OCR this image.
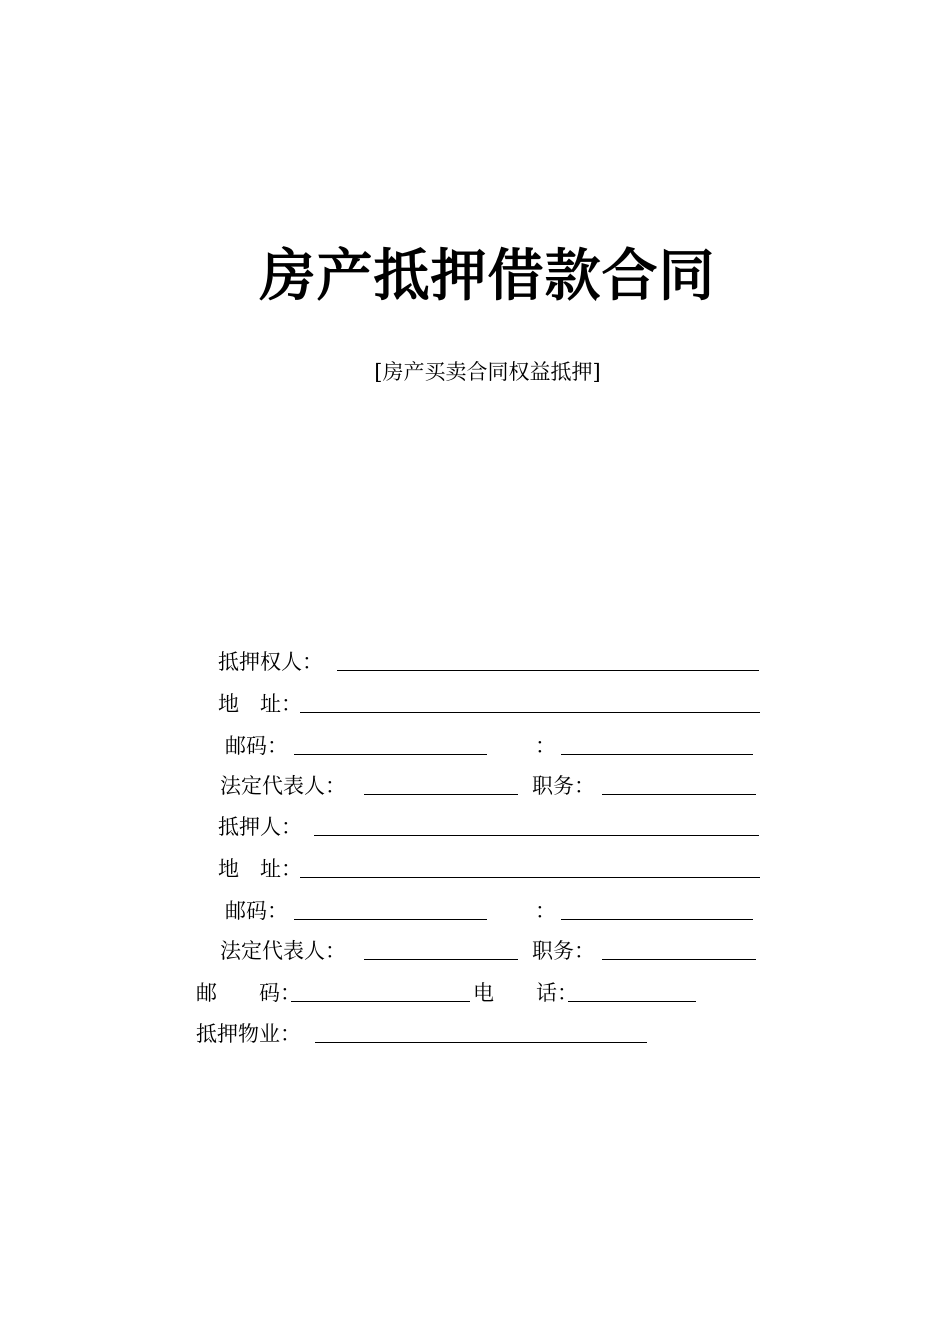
房产抵押借款合同
[房产买卖合同权益抵押]
抵押权人：
地　址：
邮码：	：
法定代表人：	职务：
抵押人：
地　址：
邮码：	：
法定代表人：	职务：
邮　　码：	电　　话：
抵押物业：
